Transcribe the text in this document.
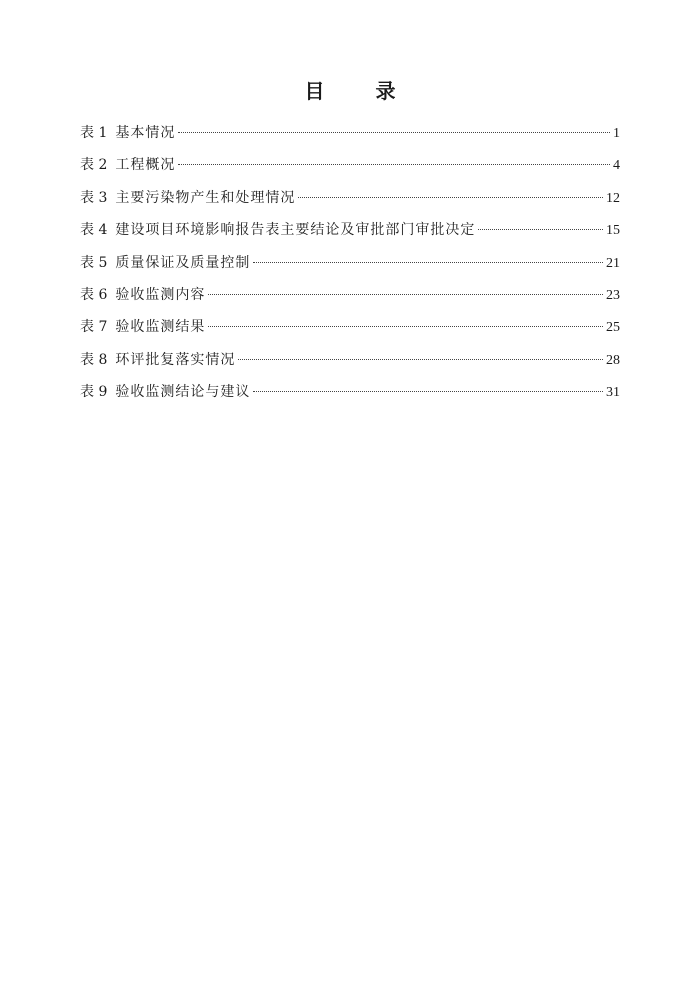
目 录
表 1 基本情况	1
表 2 工程概况	4
表 3 主要污染物产生和处理情况	12
表 4 建设项目环境影响报告表主要结论及审批部门审批决定	15
表 5 质量保证及质量控制	21
表 6 验收监测内容	23
表 7 验收监测结果	25
表 8 环评批复落实情况	28
表 9 验收监测结论与建议	31
